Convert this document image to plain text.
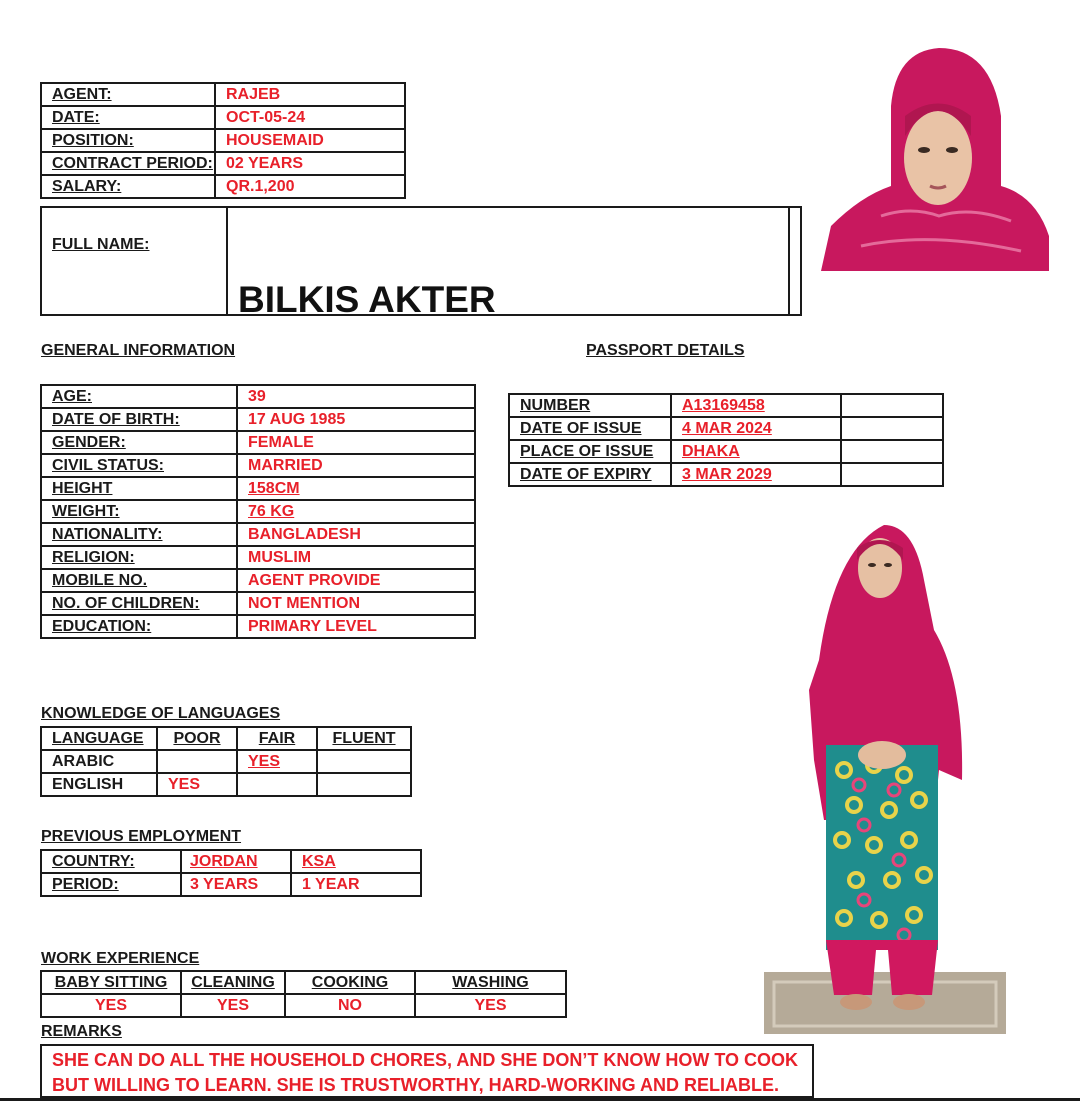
AGENT:	RAJEB
DATE:	OCT-05-24
POSITION:	HOUSEMAID
CONTRACT PERIOD:	02 YEARS
SALARY:	QR.1,200
FULL NAME:	BILKIS AKTER	
GENERAL INFORMATION
AGE:	39
DATE OF BIRTH:	17 AUG 1985
GENDER:	FEMALE
CIVIL STATUS:	MARRIED
HEIGHT	158CM
WEIGHT:	76 KG
NATIONALITY:	BANGLADESH
RELIGION:	MUSLIM
MOBILE NO.	AGENT PROVIDE
NO. OF CHILDREN:	NOT MENTION
EDUCATION:	PRIMARY LEVEL
PASSPORT DETAILS
NUMBER	A13169458	
DATE OF ISSUE	4 MAR 2024	
PLACE OF ISSUE	DHAKA	
DATE OF EXPIRY	3 MAR 2029	
KNOWLEDGE OF LANGUAGES
LANGUAGE	POOR	FAIR	FLUENT
ARABIC		YES	
ENGLISH	YES		
PREVIOUS EMPLOYMENT
COUNTRY:	JORDAN	KSA
PERIOD:	3 YEARS	1 YEAR
WORK EXPERIENCE
BABY SITTING	CLEANING	COOKING	WASHING
YES	YES	NO	YES
REMARKS
SHE CAN DO ALL THE HOUSEHOLD CHORES, AND SHE DON’T KNOW HOW TO COOK
BUT WILLING TO LEARN. SHE IS TRUSTWORTHY, HARD-WORKING AND RELIABLE.
